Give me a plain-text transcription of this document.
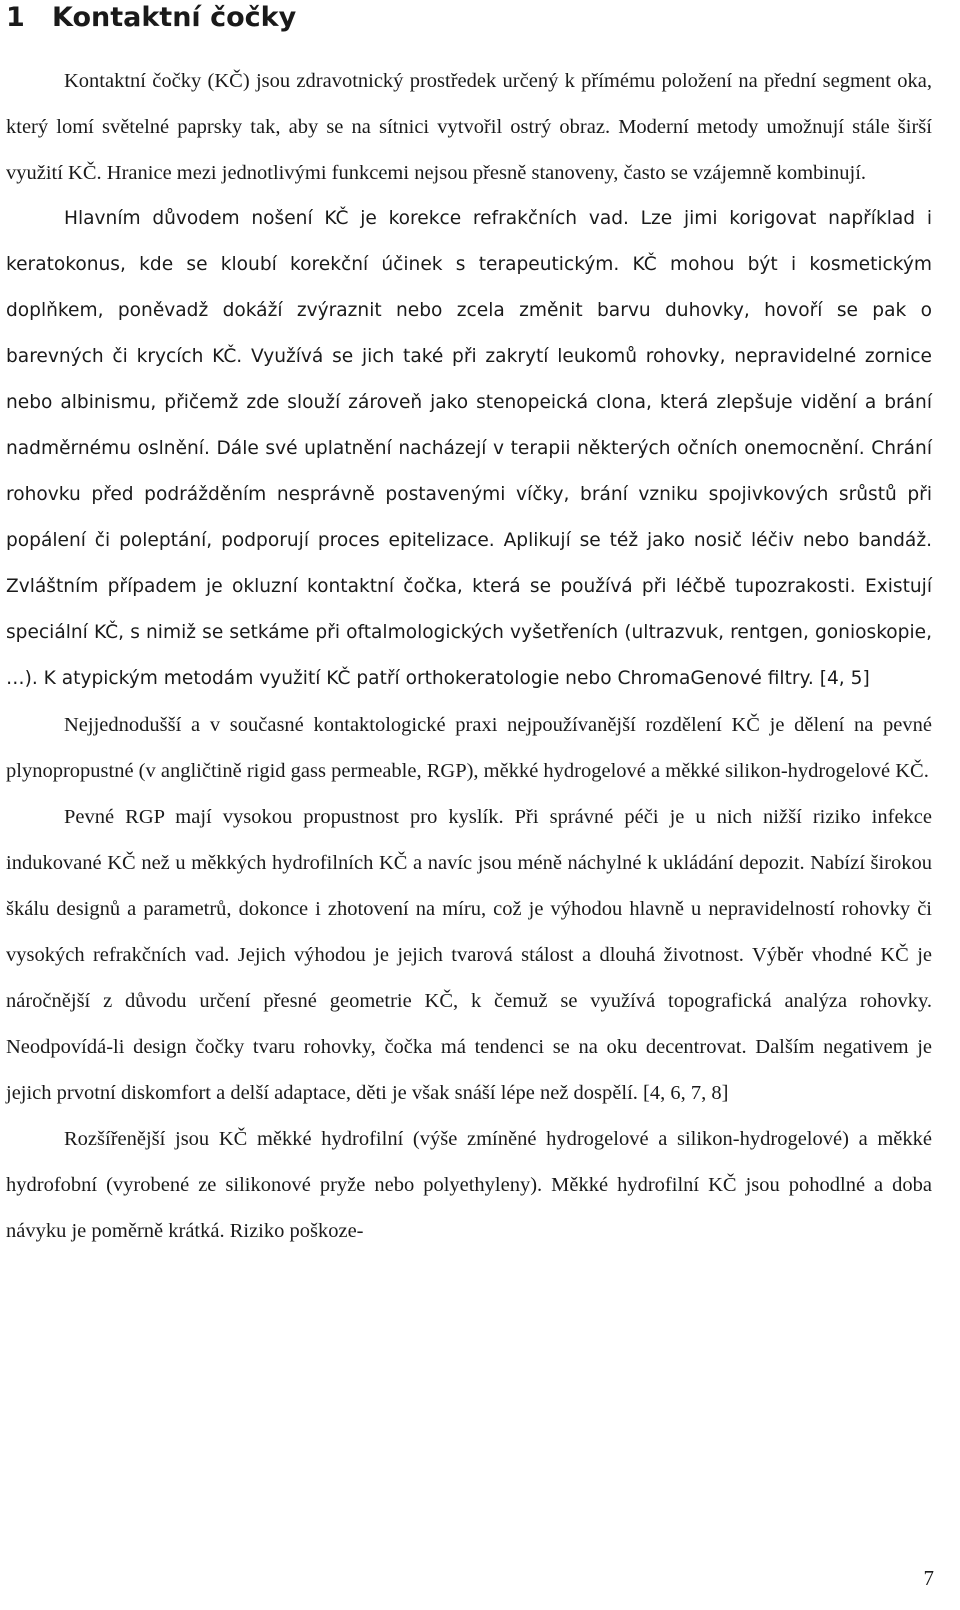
1 Kontaktní čočky

Kontaktní čočky (KČ) jsou zdravotnický prostředek určený k přímému položení na přední segment oka, který lomí světelné paprsky tak, aby se na sítnici vytvořil ostrý obraz. Moderní metody umožnují stále širší využití KČ. Hranice mezi jednotlivými funkcemi nejsou přesně stanoveny, často se vzájemně kombinují.

Hlavním důvodem nošení KČ je korekce refrakčních vad. Lze jimi korigovat například i keratokonus, kde se kloubí korekční účinek s terapeutickým. KČ mohou být i kosmetickým doplňkem, poněvadž dokáží zvýraznit nebo zcela změnit barvu duhovky, hovoří se pak o barevných či krycích KČ. Využívá se jich také při zakrytí leukomů rohovky, nepravidelné zornice nebo albinismu, přičemž zde slouží zároveň jako stenopeická clona, která zlepšuje vidění a brání nadměrnému oslnění. Dále své uplatnění nacházejí v terapii některých očních onemocnění. Chrání rohovku před podrážděním nesprávně postavenými víčky, brání vzniku spojivkových srůstů při popálení či poleptání, podporují proces epitelizace. Aplikují se též jako nosič léčiv nebo bandáž. Zvláštním případem je okluzní kontaktní čočka, která se používá při léčbě tupozrakosti. Existují speciální KČ, s nimiž se setkáme při oftalmologických vyšetřeních (ultrazvuk, rentgen, gonioskopie, …). K atypickým metodám využití KČ patří orthokeratologie nebo ChromaGenové filtry. [4, 5]

Nejjednodušší a v současné kontaktologické praxi nejpoužívanější rozdělení KČ je dělení na pevné plynopropustné (v angličtině rigid gass permeable, RGP), měkké hydrogelové a měkké silikon-hydrogelové KČ.

Pevné RGP mají vysokou propustnost pro kyslík. Při správné péči je u nich nižší riziko infekce indukované KČ než u měkkých hydrofilních KČ a navíc jsou méně náchylné k ukládání depozit. Nabízí širokou škálu designů a parametrů, dokonce i zhotovení na míru, což je výhodou hlavně u nepravidelností rohovky či vysokých refrakčních vad. Jejich výhodou je jejich tvarová stálost a dlouhá životnost. Výběr vhodné KČ je náročnější z důvodu určení přesné geometrie KČ, k čemuž se využívá topografická analýza rohovky. Neodpovídá-li design čočky tvaru rohovky, čočka má tendenci se na oku decentrovat. Dalším negativem je jejich prvotní diskomfort a delší adaptace, děti je však snáší lépe než dospělí. [4, 6, 7, 8]

Rozšířenější jsou KČ měkké hydrofilní (výše zmíněné hydrogelové a silikon-hydrogelové) a měkké hydrofobní (vyrobené ze silikonové pryže nebo polyethyleny). Měkké hydrofilní KČ jsou pohodlné a doba návyku je poměrně krátká. Riziko poškoze-

7
